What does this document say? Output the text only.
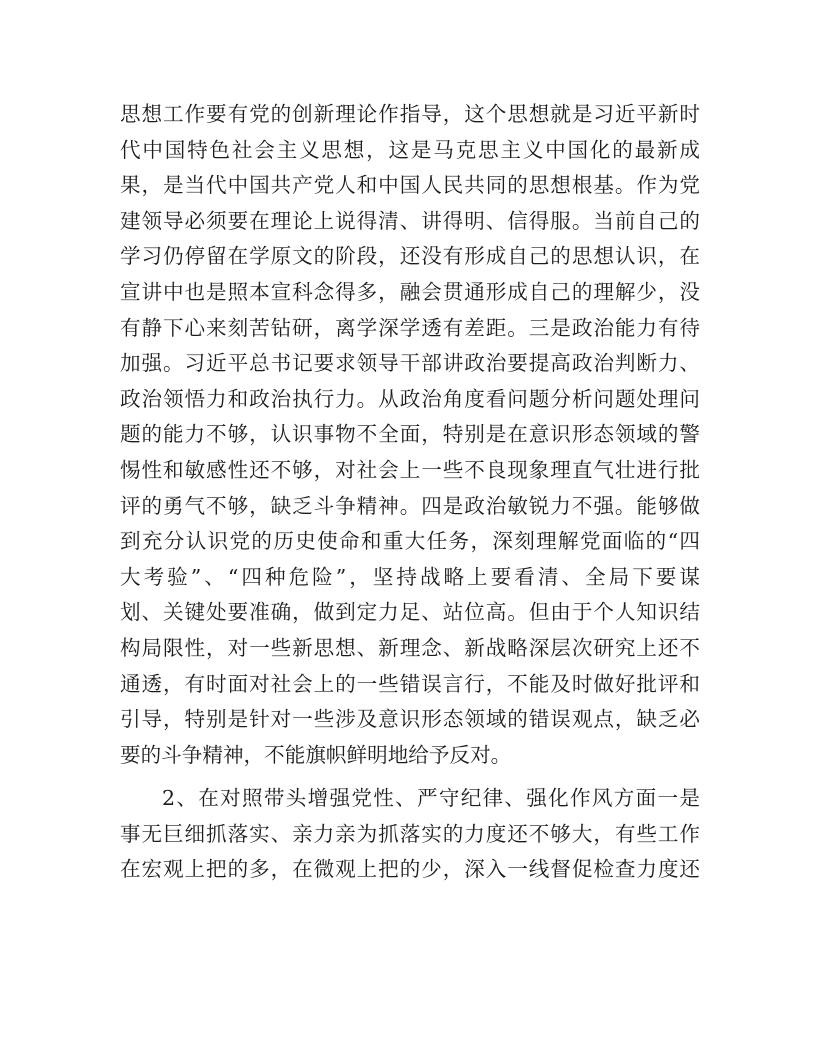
思想工作要有党的创新理论作指导，这个思想就是习近平新时
代中国特色社会主义思想，这是马克思主义中国化的最新成
果，是当代中国共产党人和中国人民共同的思想根基。作为党
建领导必须要在理论上说得清、讲得明、信得服。当前自己的
学习仍停留在学原文的阶段，还没有形成自己的思想认识，在
宣讲中也是照本宣科念得多，融会贯通形成自己的理解少，没
有静下心来刻苦钻研，离学深学透有差距。三是政治能力有待
加强。习近平总书记要求领导干部讲政治要提高政治判断力、
政治领悟力和政治执行力。从政治角度看问题分析问题处理问
题的能力不够，认识事物不全面，特别是在意识形态领域的警
惕性和敏感性还不够，对社会上一些不良现象理直气壮进行批
评的勇气不够，缺乏斗争精神。四是政治敏锐力不强。能够做
到充分认识党的历史使命和重大任务，深刻理解党面临的“四
大考验”、“四种危险”，坚持战略上要看清、全局下要谋
划、关键处要准确，做到定力足、站位高。但由于个人知识结
构局限性，对一些新思想、新理念、新战略深层次研究上还不
通透，有时面对社会上的一些错误言行，不能及时做好批评和
引导，特别是针对一些涉及意识形态领域的错误观点，缺乏必
要的斗争精神，不能旗帜鲜明地给予反对。
2、在对照带头增强党性、严守纪律、强化作风方面一是
事无巨细抓落实、亲力亲为抓落实的力度还不够大，有些工作
在宏观上把的多，在微观上把的少，深入一线督促检查力度还
